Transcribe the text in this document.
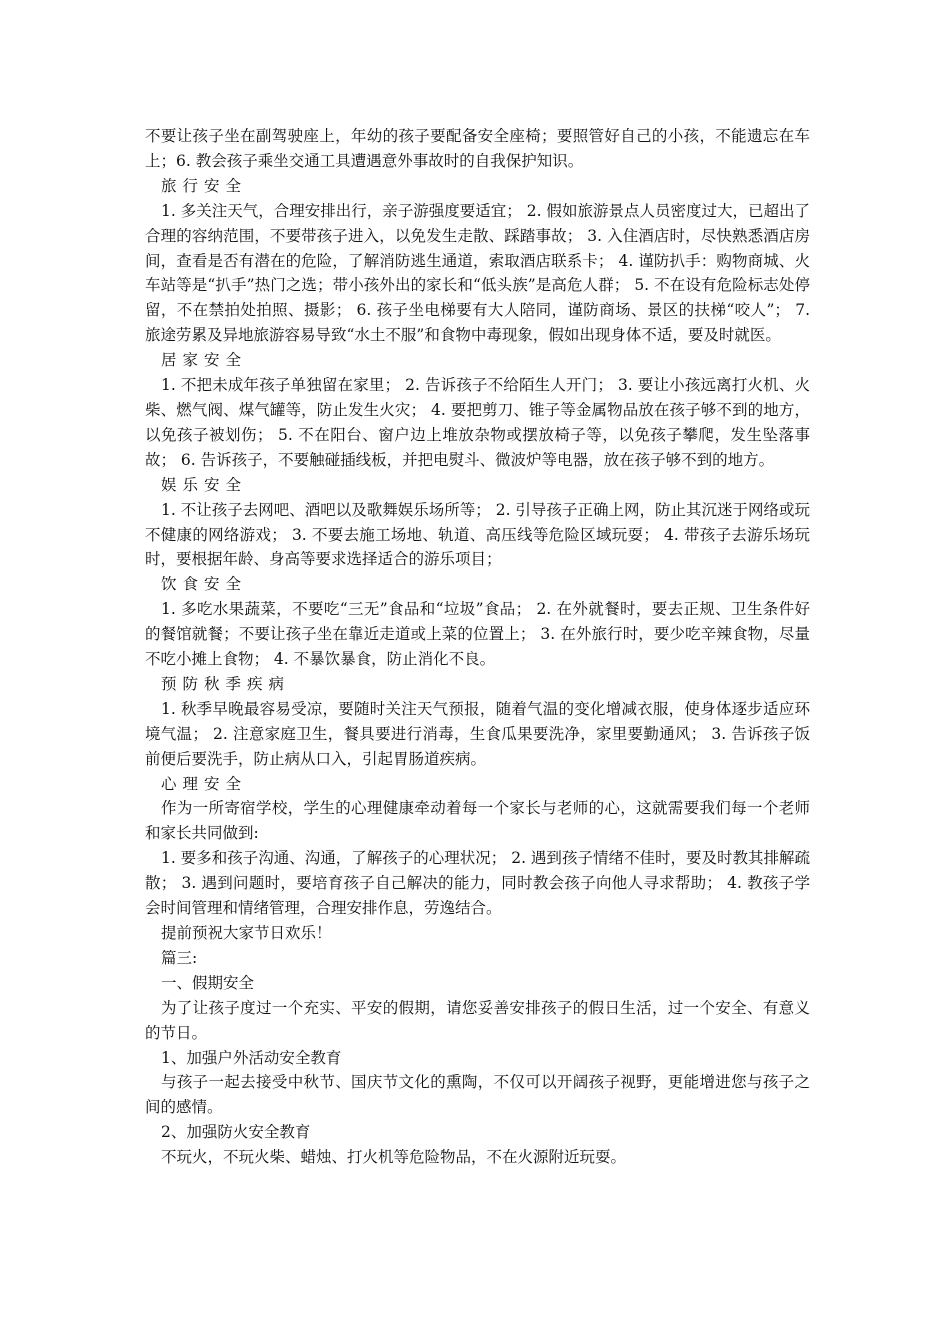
不要让孩子坐在副驾驶座上，年幼的孩子要配备安全座椅；要照管好自己的小孩，不能遗忘在车上；6. 教会孩子乘坐交通工具遭遇意外事故时的自我保护知识。

旅行安全

1. 多关注天气，合理安排出行，亲子游强度要适宜； 2. 假如旅游景点人员密度过大，已超出了合理的容纳范围，不要带孩子进入，以免发生走散、踩踏事故； 3. 入住酒店时，尽快熟悉酒店房间，查看是否有潜在的危险，了解消防逃生通道，索取酒店联系卡； 4. 谨防扒手：购物商城、火车站等是“扒手”热门之选；带小孩外出的家长和“低头族”是高危人群； 5. 不在设有危险标志处停留，不在禁拍处拍照、摄影； 6. 孩子坐电梯要有大人陪同，谨防商场、景区的扶梯“咬人”； 7. 旅途劳累及异地旅游容易导致“水土不服”和食物中毒现象，假如出现身体不适，要及时就医。

居家安全

1. 不把未成年孩子单独留在家里； 2. 告诉孩子不给陌生人开门； 3. 要让小孩远离打火机、火柴、燃气阀、煤气罐等，防止发生火灾； 4. 要把剪刀、锥子等金属物品放在孩子够不到的地方，以免孩子被划伤； 5. 不在阳台、窗户边上堆放杂物或摆放椅子等，以免孩子攀爬，发生坠落事故； 6. 告诉孩子，不要触碰插线板，并把电熨斗、微波炉等电器，放在孩子够不到的地方。

娱乐安全

1. 不让孩子去网吧、酒吧以及歌舞娱乐场所等； 2. 引导孩子正确上网，防止其沉迷于网络或玩不健康的网络游戏； 3. 不要去施工场地、轨道、高压线等危险区域玩耍； 4. 带孩子去游乐场玩时，要根据年龄、身高等要求选择适合的游乐项目；

饮食安全

1. 多吃水果蔬菜，不要吃“三无”食品和“垃圾”食品； 2. 在外就餐时，要去正规、卫生条件好的餐馆就餐；不要让孩子坐在靠近走道或上菜的位置上； 3. 在外旅行时，要少吃辛辣食物，尽量不吃小摊上食物； 4. 不暴饮暴食，防止消化不良。

预防秋季疾病

1. 秋季早晚最容易受凉，要随时关注天气预报，随着气温的变化增减衣服，使身体逐步适应环境气温； 2. 注意家庭卫生，餐具要进行消毒，生食瓜果要洗净，家里要勤通风； 3. 告诉孩子饭前便后要洗手，防止病从口入，引起胃肠道疾病。

心理安全

作为一所寄宿学校，学生的心理健康牵动着每一个家长与老师的心，这就需要我们每一个老师和家长共同做到:

1. 要多和孩子沟通、沟通，了解孩子的心理状况； 2. 遇到孩子情绪不佳时，要及时教其排解疏散； 3. 遇到问题时，要培育孩子自己解决的能力，同时教会孩子向他人寻求帮助； 4. 教孩子学会时间管理和情绪管理，合理安排作息，劳逸结合。

提前预祝大家节日欢乐！

篇三:

一、假期安全

为了让孩子度过一个充实、平安的假期，请您妥善安排孩子的假日生活，过一个安全、有意义的节日。

1、加强户外活动安全教育

与孩子一起去接受中秋节、国庆节文化的熏陶，不仅可以开阔孩子视野，更能增进您与孩子之间的感情。

2、加强防火安全教育

不玩火，不玩火柴、蜡烛、打火机等危险物品，不在火源附近玩耍。
